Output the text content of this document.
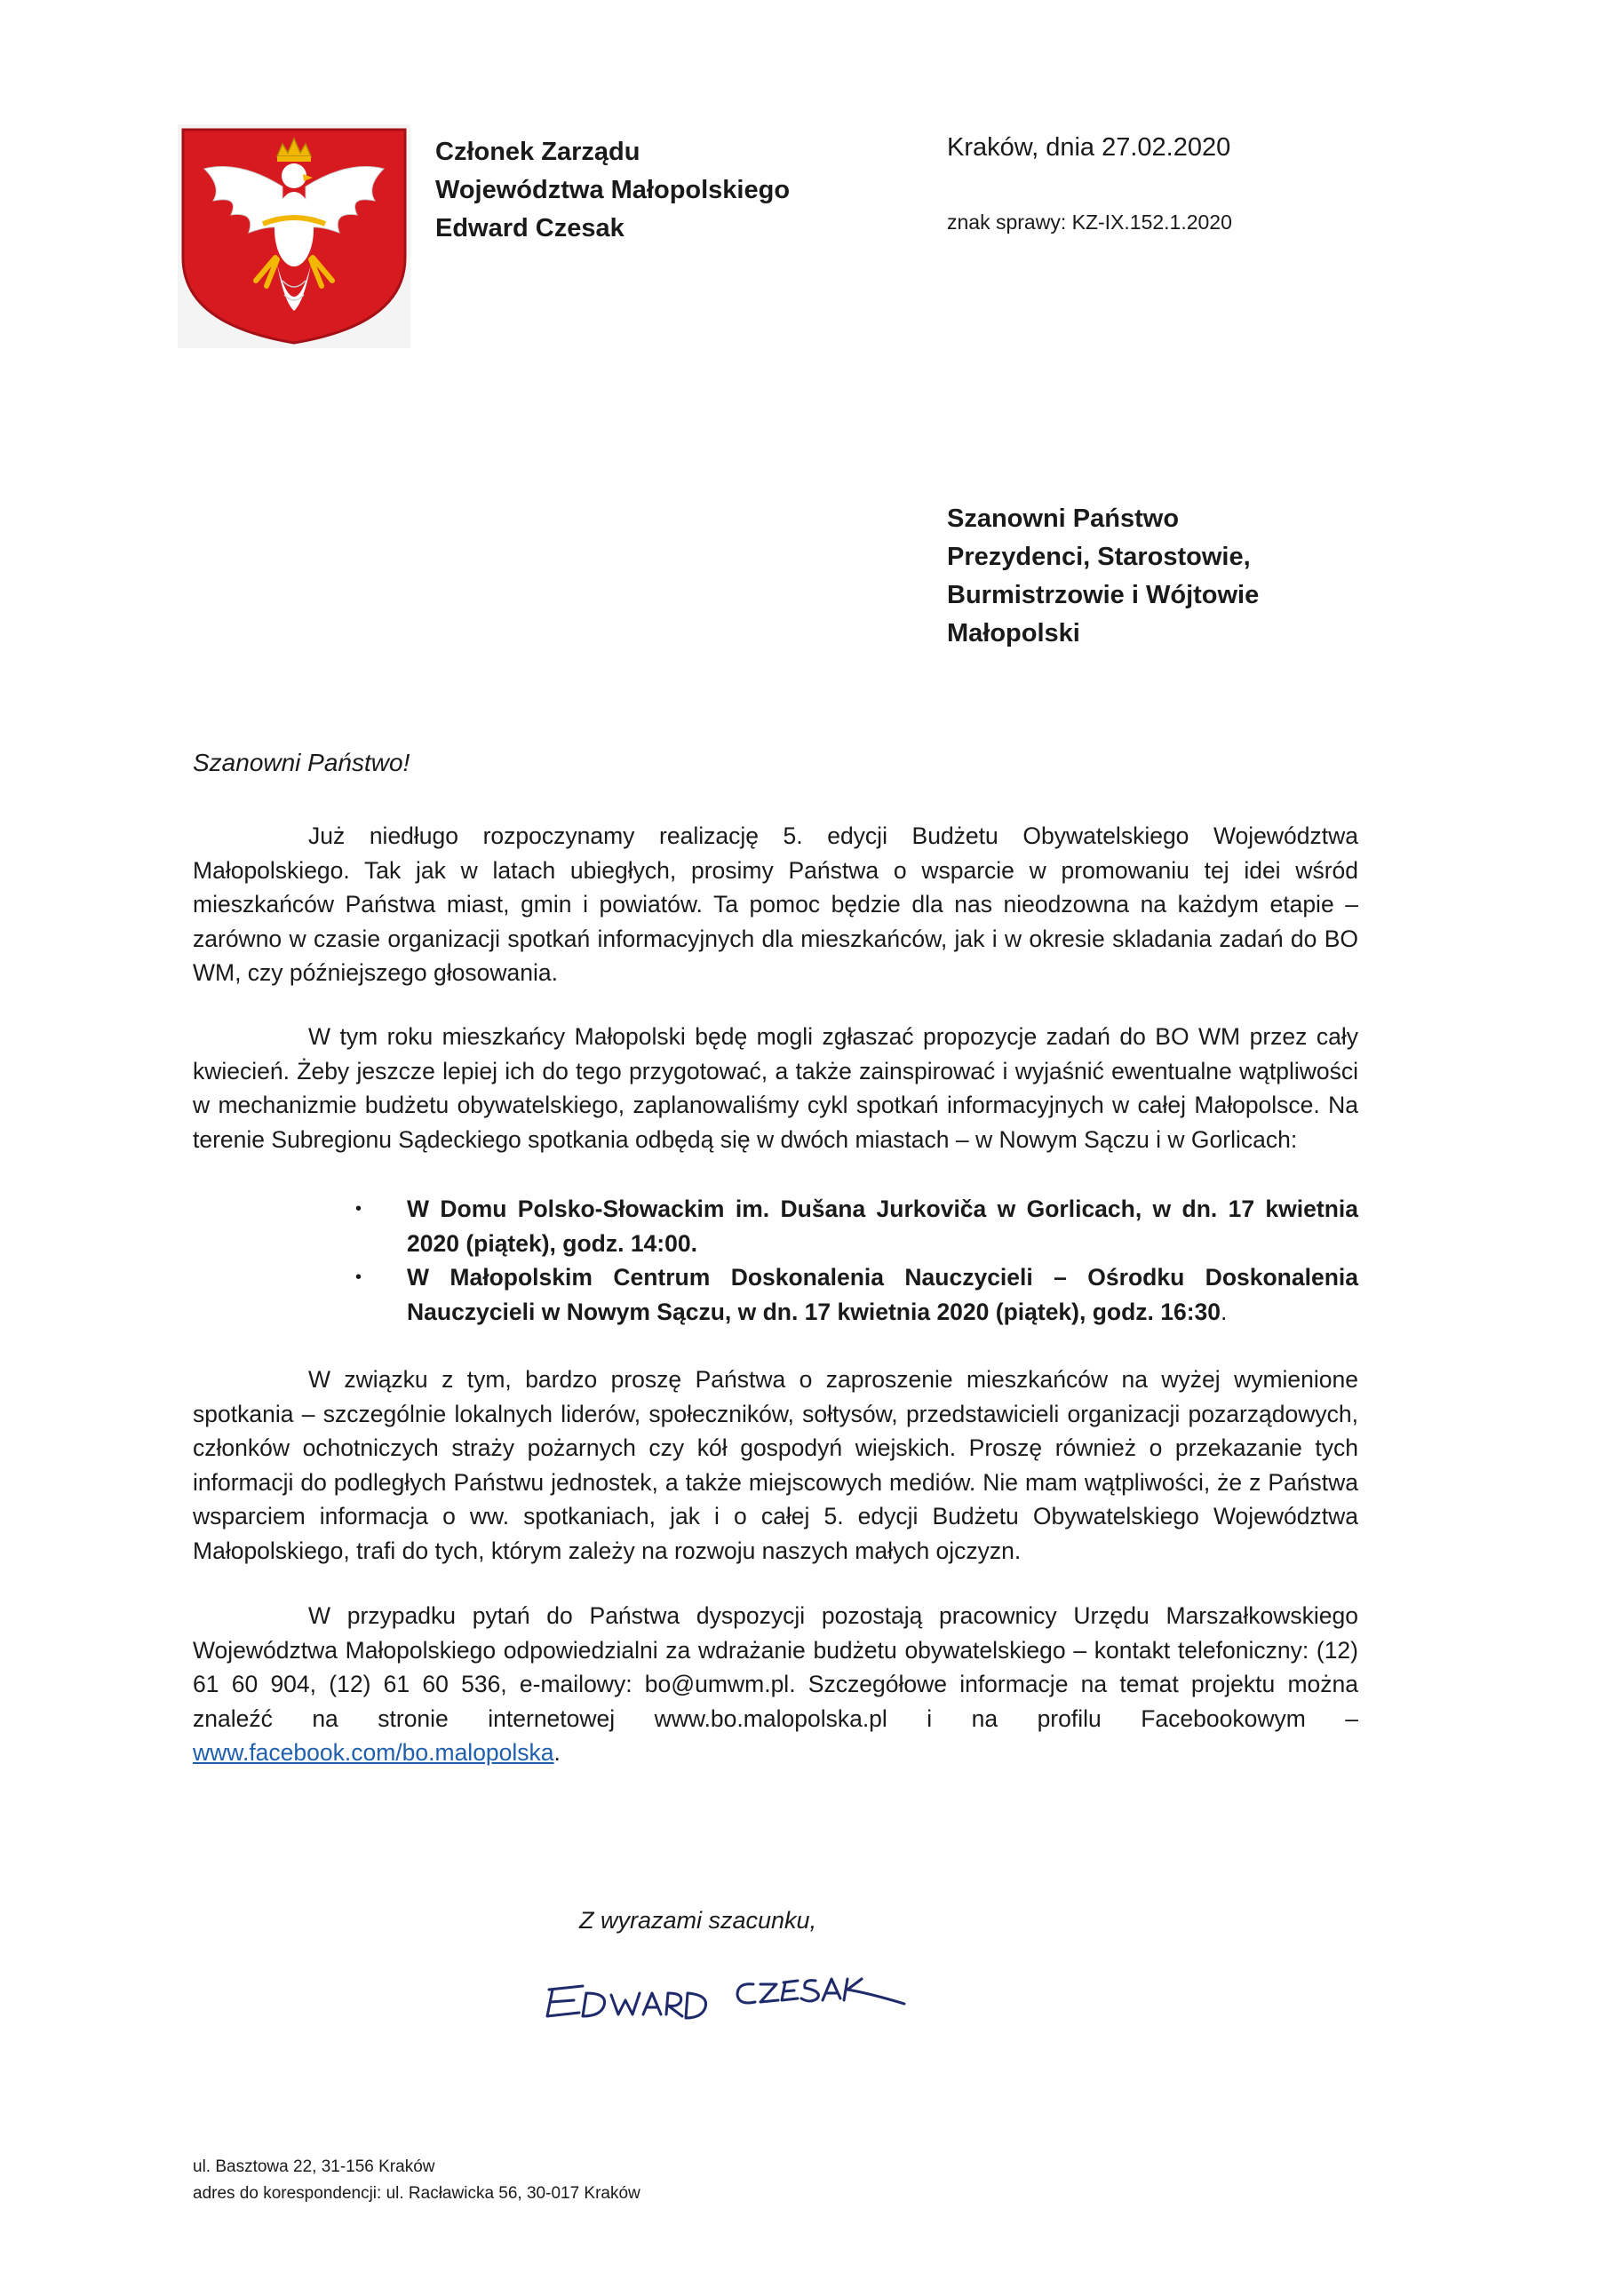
Członek Zarządu
Województwa Małopolskiego
Edward Czesak
Kraków, dnia 27.02.2020
znak sprawy: KZ-IX.152.1.2020
Szanowni Państwo
Prezydenci, Starostowie,
Burmistrzowie i Wójtowie
Małopolski
Szanowni Państwo!

Już niedługo rozpoczynamy realizację 5. edycji Budżetu Obywatelskiego Województwa Małopolskiego. Tak jak w latach ubiegłych, prosimy Państwa o wsparcie w promowaniu tej idei wśród mieszkańców Państwa miast, gmin i powiatów. Ta pomoc będzie dla nas nieodzowna na każdym etapie – zarówno w czasie organizacji spotkań informacyjnych dla mieszkańców, jak i w okresie skladania zadań do BO WM, czy późniejszego głosowania.

W tym roku mieszkańcy Małopolski będę mogli zgłaszać propozycje zadań do BO WM przez cały kwiecień. Żeby jeszcze lepiej ich do tego przygotować, a także zainspirować i wyjaśnić ewentualne wątpliwości w mechanizmie budżetu obywatelskiego, zaplanowaliśmy cykl spotkań informacyjnych w całej Małopolsce. Na terenie Subregionu Sądeckiego spotkania odbędą się w dwóch miastach – w Nowym Sączu i w Gorlicach:

• W Domu Polsko-Słowackim im. Dušana Jurkoviča w Gorlicach, w dn. 17 kwietnia 2020 (piątek), godz. 14:00.
• W Małopolskim Centrum Doskonalenia Nauczycieli – Ośrodku Doskonalenia Nauczycieli w Nowym Sączu, w dn. 17 kwietnia 2020 (piątek), godz. 16:30.

W związku z tym, bardzo proszę Państwa o zaproszenie mieszkańców na wyżej wymienione spotkania – szczególnie lokalnych liderów, społeczników, sołtysów, przedstawicieli organizacji pozarządowych, członków ochotniczych straży pożarnych czy kół gospodyń wiejskich. Proszę również o przekazanie tych informacji do podległych Państwu jednostek, a także miejscowych mediów. Nie mam wątpliwości, że z Państwa wsparciem informacja o ww. spotkaniach, jak i o całej 5. edycji Budżetu Obywatelskiego Województwa Małopolskiego, trafi do tych, którym zależy na rozwoju naszych małych ojczyzn.

W przypadku pytań do Państwa dyspozycji pozostają pracownicy Urzędu Marszałkowskiego Województwa Małopolskiego odpowiedzialni za wdrażanie budżetu obywatelskiego – kontakt telefoniczny: (12) 61 60 904, (12) 61 60 536, e-mailowy: bo@umwm.pl. Szczegółowe informacje na temat projektu można znaleźć na stronie internetowej www.bo.malopolska.pl i na profilu Facebookowym – www.facebook.com/bo.malopolska.

Z wyrazami szacunku,
ul. Basztowa 22, 31-156 Kraków
adres do korespondencji: ul. Racławicka 56, 30-017 Kraków
